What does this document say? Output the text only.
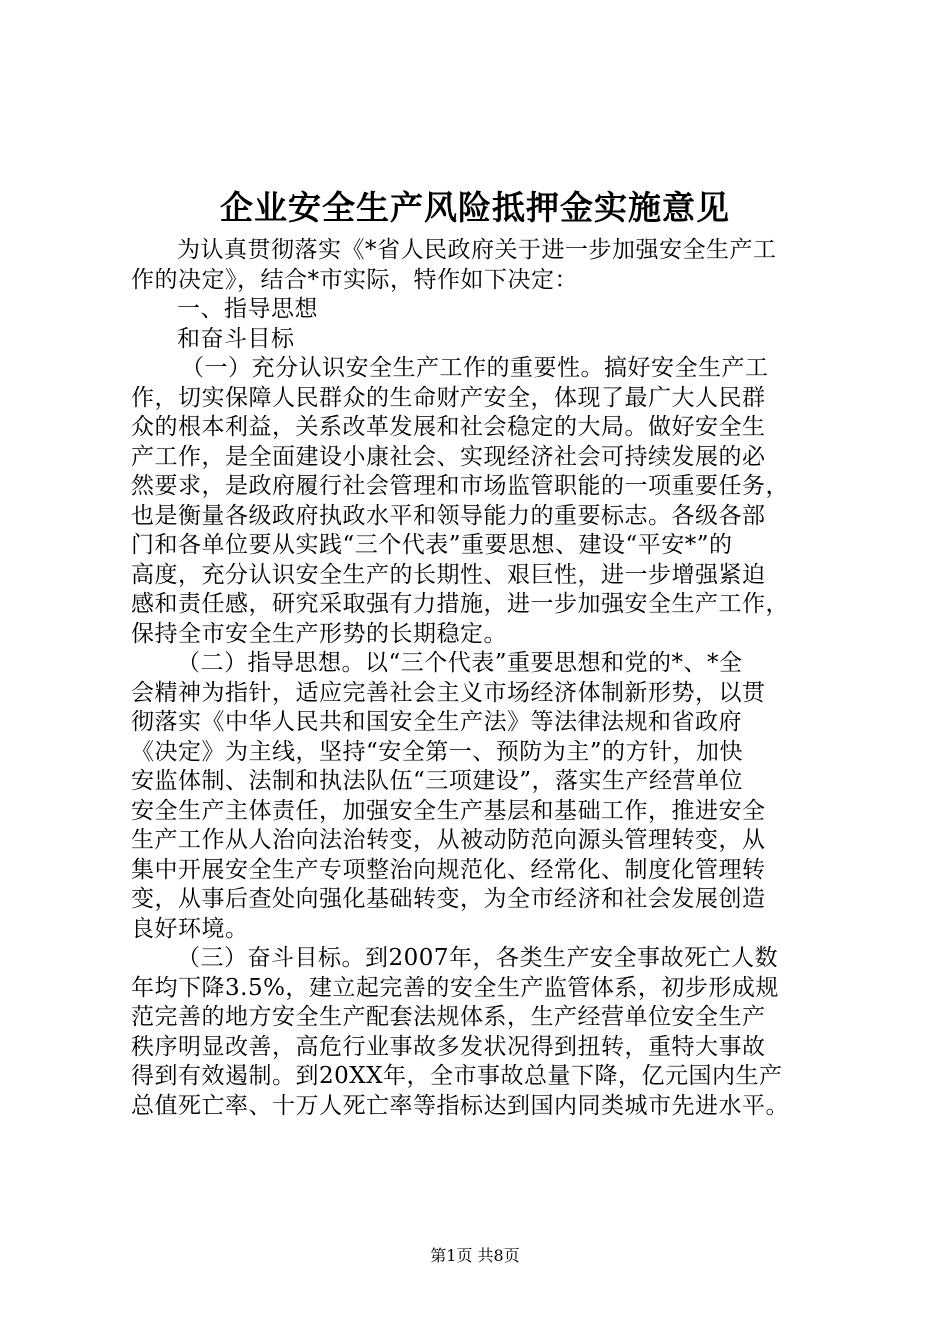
企业安全生产风险抵押金实施意见
为认真贯彻落实《*省人民政府关于进一步加强安全生产工
作的决定》，结合*市实际，特作如下决定：
一、指导思想
和奋斗目标
（一）充分认识安全生产工作的重要性。搞好安全生产工
作，切实保障人民群众的生命财产安全，体现了最广大人民群
众的根本利益，关系改革发展和社会稳定的大局。做好安全生
产工作，是全面建设小康社会、实现经济社会可持续发展的必
然要求，是政府履行社会管理和市场监管职能的一项重要任务，
也是衡量各级政府执政水平和领导能力的重要标志。各级各部
门和各单位要从实践“三个代表”重要思想、建设“平安*”的
高度，充分认识安全生产的长期性、艰巨性，进一步增强紧迫
感和责任感，研究采取强有力措施，进一步加强安全生产工作，
保持全市安全生产形势的长期稳定。
（二）指导思想。以“三个代表”重要思想和党的*、*全
会精神为指针，适应完善社会主义市场经济体制新形势，以贯
彻落实《中华人民共和国安全生产法》等法律法规和省政府
《决定》为主线，坚持“安全第一、预防为主”的方针，加快
安监体制、法制和执法队伍“三项建设”，落实生产经营单位
安全生产主体责任，加强安全生产基层和基础工作，推进安全
生产工作从人治向法治转变，从被动防范向源头管理转变，从
集中开展安全生产专项整治向规范化、经常化、制度化管理转
变，从事后查处向强化基础转变，为全市经济和社会发展创造
良好环境。
（三）奋斗目标。到2007年，各类生产安全事故死亡人数
年均下降3.5%，建立起完善的安全生产监管体系，初步形成规
范完善的地方安全生产配套法规体系，生产经营单位安全生产
秩序明显改善，高危行业事故多发状况得到扭转，重特大事故
得到有效遏制。到20XX年，全市事故总量下降，亿元国内生产
总值死亡率、十万人死亡率等指标达到国内同类城市先进水平。
第1页 共8页
